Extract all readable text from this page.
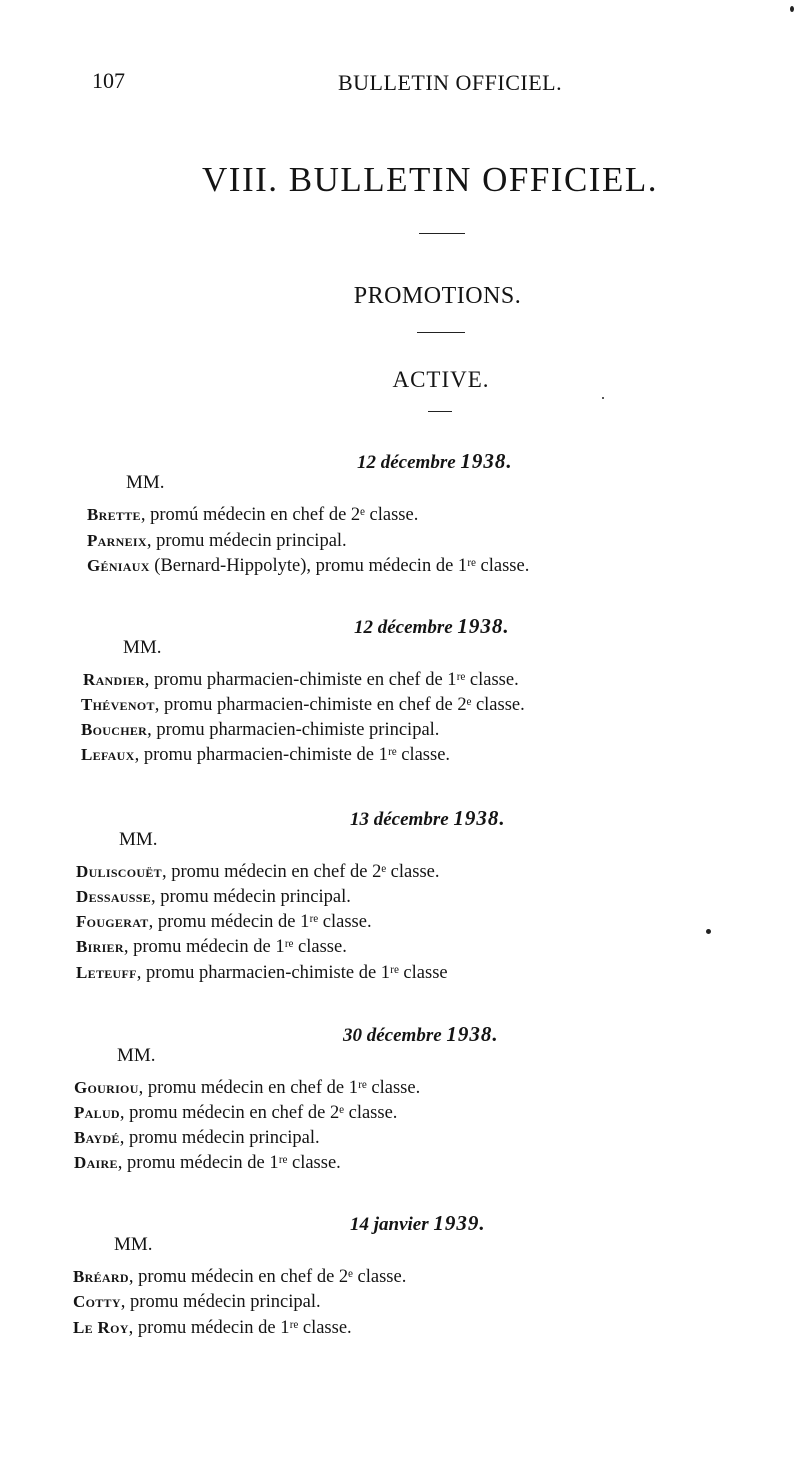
107	BULLETIN OFFICIEL.
VIII. BULLETIN OFFICIEL.
PROMOTIONS.
ACTIVE.
12 décembre 1938.
MM.
Brette, promú médecin en chef de 2ᵉ classe.
Parneix, promu médecin principal.
Géniaux (Bernard-Hippolyte), promu médecin de 1ʳᵉ classe.
12 décembre 1938.
MM.
Randier, promu pharmacien-chimiste en chef de 1ʳᵉ classe.
Thévenot, promu pharmacien-chimiste en chef de 2ᵉ classe.
Boucher, promu pharmacien-chimiste principal.
Lefaux, promu pharmacien-chimiste de 1ʳᵉ classe.
13 décembre 1938.
MM.
Duliscouët, promu médecin en chef de 2ᵉ classe.
Dessausse, promu médecin principal.
Fougerat, promu médecin de 1ʳᵉ classe.
Birier, promu médecin de 1ʳᵉ classe.
Leteuff, promu pharmacien-chimiste de 1ʳᵉ classe
30 décembre 1938.
MM.
Gouriou, promu médecin en chef de 1ʳᵉ classe.
Palud, promu médecin en chef de 2ᵉ classe.
Baydé, promu médecin principal.
Daire, promu médecin de 1ʳᵉ classe.
14 janvier 1939.
MM.
Bréard, promu médecin en chef de 2ᵉ classe.
Cotty, promu médecin principal.
Le Roy, promu médecin de 1ʳᵉ classe.
